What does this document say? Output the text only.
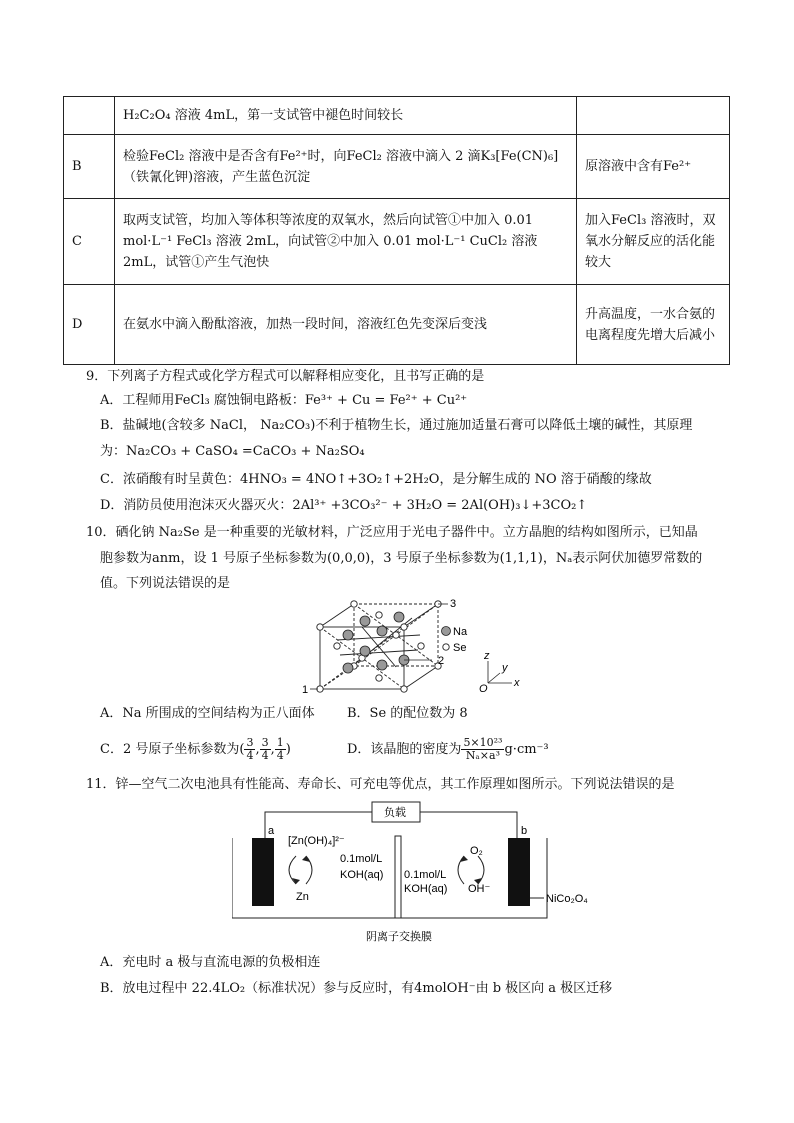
	H₂C₂O₄ 溶液 4mL，第一支试管中褪色时间较长	
B	检验FeCl₂ 溶液中是否含有Fe²⁺时，向FeCl₂ 溶液中滴入 2 滴K₃[Fe(CN)₆]（铁氰化钾)溶液，产生蓝色沉淀	原溶液中含有Fe²⁺
C	取两支试管，均加入等体积等浓度的双氧水，然后向试管①中加入 0.01 mol·L⁻¹ FeCl₃ 溶液 2mL，向试管②中加入 0.01 mol·L⁻¹ CuCl₂ 溶液 2mL，试管①产生气泡快	加入FeCl₃ 溶液时，双氧水分解反应的活化能较大
D	在氨水中滴入酚酞溶液，加热一段时间，溶液红色先变深后变浅	升高温度，一水合氨的电离程度先增大后减小
9．下列离子方程式或化学方程式可以解释相应变化，且书写正确的是
A．工程师用FeCl₃ 腐蚀铜电路板：Fe³⁺ + Cu = Fe²⁺ + Cu²⁺
B．盐碱地(含较多 NaCl， Na₂CO₃)不利于植物生长，通过施加适量石膏可以降低土壤的碱性，其原理
为：Na₂CO₃ + CaSO₄ =CaCO₃ + Na₂SO₄
C．浓硝酸有时呈黄色：4HNO₃ = 4NO↑+3O₂↑+2H₂O，是分解生成的 NO 溶于硝酸的缘故
D．消防员使用泡沫灭火器灭火：2Al³⁺ +3CO₃²⁻ + 3H₂O = 2Al(OH)₃↓+3CO₂↑
10．硒化钠 Na₂Se 是一种重要的光敏材料，广泛应用于光电子器件中。立方晶胞的结构如图所示，已知晶
胞参数为anm，设 1 号原子坐标参数为(0,0,0)，3 号原子坐标参数为(1,1,1)，Nₐ表示阿伏加德罗常数的
值。下列说法错误的是
3
2
1
Na
Se
z
y
x
O
A．Na 所围成的空间结构为正八面体 B．Se 的配位数为 8
C．2 号原子坐标参数为( $\frac{3}{4}$ , $\frac{3}{4}$ , $\frac{1}{4}$ )	D．该晶胞的密度为 $\frac{\text{5×10²³}}{\text{Nₐ×a³}} g\cdot cm^{-3}$
11．锌—空气二次电池具有性能高、寿命长、可充电等优点，其工作原理如图所示。下列说法错误的是
负载
a	b
[Zn(OH)₄]²⁻
Zn
0.1mol/L
KOH(aq) 0.1mol/L
KOH(aq)
O₂
OH⁻
NiCo₂O₄
阴离子交换膜
A．充电时 a 极与直流电源的负极相连
B．放电过程中 22.4LO₂（标准状况）参与反应时，有4molOH⁻由 b 极区向 a 极区迁移
